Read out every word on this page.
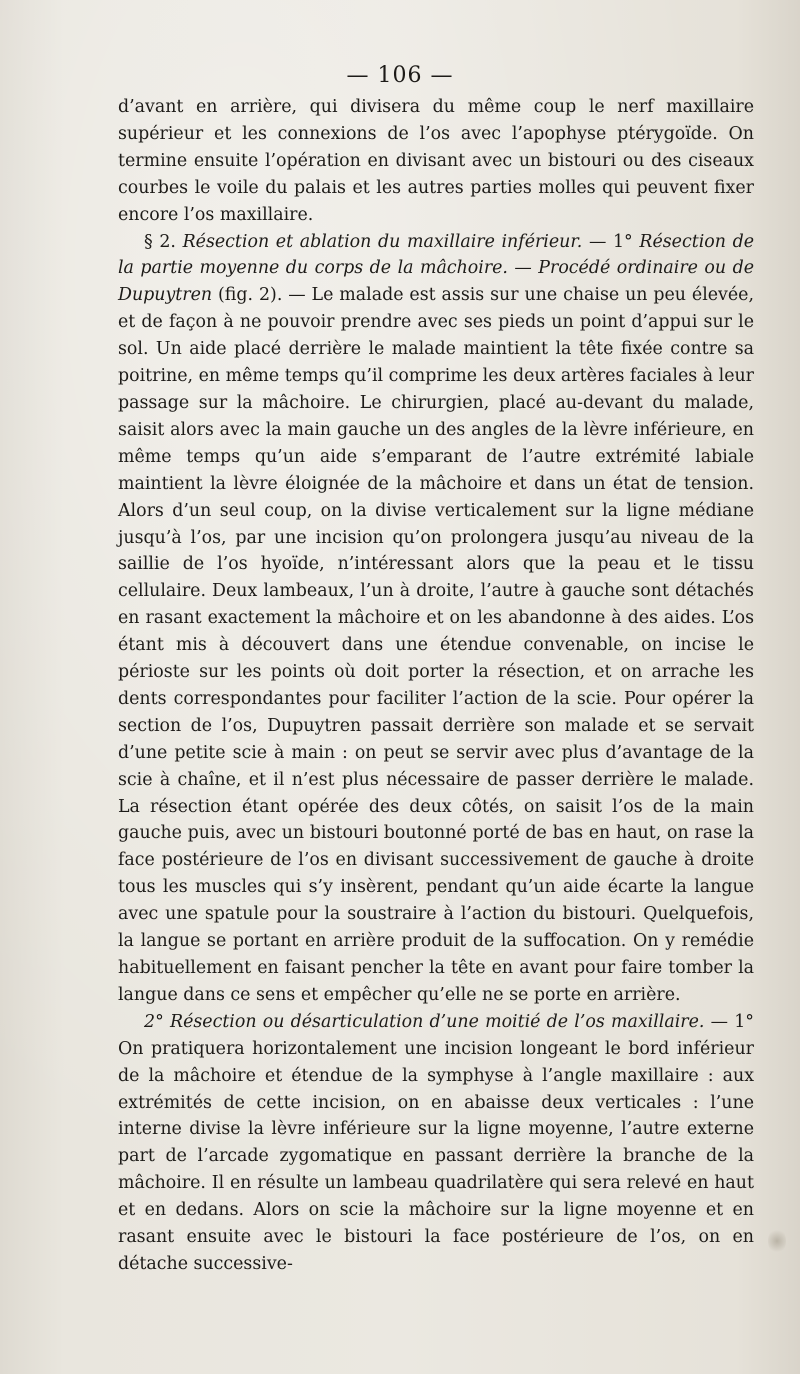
— 106 —

d’avant en arrière, qui divisera du même coup le nerf maxillaire supérieur et les connexions de l’os avec l’apophyse ptérygoïde. On termine ensuite l’opération en divisant avec un bistouri ou des ciseaux courbes le voile du palais et les autres parties molles qui peuvent fixer encore l’os maxillaire.

§ 2. Résection et ablation du maxillaire inférieur. — 1° Résection de la partie moyenne du corps de la mâchoire. — Procédé ordinaire ou de Dupuytren (fig. 2). — Le malade est assis sur une chaise un peu élevée, et de façon à ne pouvoir prendre avec ses pieds un point d’appui sur le sol. Un aide placé derrière le malade maintient la tête fixée contre sa poitrine, en même temps qu’il comprime les deux artères faciales à leur passage sur la mâchoire. Le chirurgien, placé au-devant du malade, saisit alors avec la main gauche un des angles de la lèvre inférieure, en même temps qu’un aide s’emparant de l’autre extrémité labiale maintient la lèvre éloignée de la mâchoire et dans un état de tension. Alors d’un seul coup, on la divise verticalement sur la ligne médiane jusqu’à l’os, par une incision qu’on prolongera jusqu’au niveau de la saillie de l’os hyoïde, n’intéressant alors que la peau et le tissu cellulaire. Deux lambeaux, l’un à droite, l’autre à gauche sont détachés en rasant exactement la mâchoire et on les abandonne à des aides. L’os étant mis à découvert dans une étendue convenable, on incise le périoste sur les points où doit porter la résection, et on arrache les dents correspondantes pour faciliter l’action de la scie. Pour opérer la section de l’os, Dupuytren passait derrière son malade et se servait d’une petite scie à main : on peut se servir avec plus d’avantage de la scie à chaîne, et il n’est plus nécessaire de passer derrière le malade. La résection étant opérée des deux côtés, on saisit l’os de la main gauche puis, avec un bistouri boutonné porté de bas en haut, on rase la face postérieure de l’os en divisant successivement de gauche à droite tous les muscles qui s’y insèrent, pendant qu’un aide écarte la langue avec une spatule pour la soustraire à l’action du bistouri. Quelquefois, la langue se portant en arrière produit de la suffocation. On y remédie habituellement en faisant pencher la tête en avant pour faire tomber la langue dans ce sens et empêcher qu’elle ne se porte en arrière.

2° Résection ou désarticulation d’une moitié de l’os maxillaire. — 1° On pratiquera horizontalement une incision longeant le bord inférieur de la mâchoire et étendue de la symphyse à l’angle maxillaire : aux extrémités de cette incision, on en abaisse deux verticales : l’une interne divise la lèvre inférieure sur la ligne moyenne, l’autre externe part de l’arcade zygomatique en passant derrière la branche de la mâchoire. Il en résulte un lambeau quadrilatère qui sera relevé en haut et en dedans. Alors on scie la mâchoire sur la ligne moyenne et en rasant ensuite avec le bistouri la face postérieure de l’os, on en détache successive-
